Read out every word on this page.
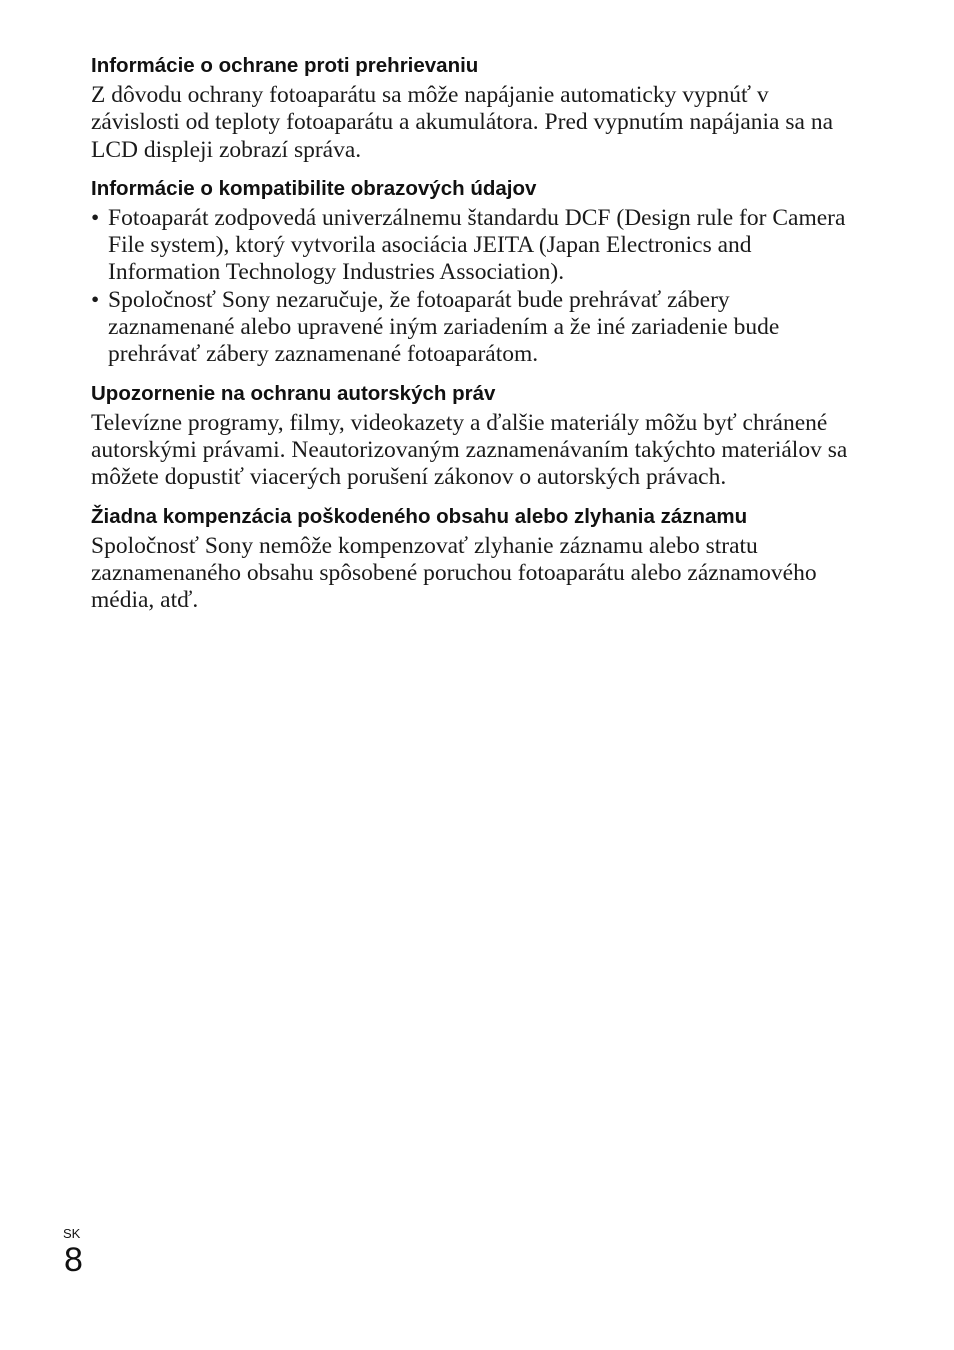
Informácie o ochrane proti prehrievaniu

Z dôvodu ochrany fotoaparátu sa môže napájanie automaticky vypnúť v závislosti od teploty fotoaparátu a akumulátora. Pred vypnutím napájania sa na LCD displeji zobrazí správa.

Informácie o kompatibilite obrazových údajov
• Fotoaparát zodpovedá univerzálnemu štandardu DCF (Design rule for Camera File system), ktorý vytvorila asociácia JEITA (Japan Electronics and Information Technology Industries Association).
• Spoločnosť Sony nezaručuje, že fotoaparát bude prehrávať zábery zaznamenané alebo upravené iným zariadením a že iné zariadenie bude prehrávať zábery zaznamenané fotoaparátom.
Upozornenie na ochranu autorských práv

Televízne programy, filmy, videokazety a ďalšie materiály môžu byť chránené autorskými právami. Neautorizovaným zaznamenávaním takýchto materiálov sa môžete dopustiť viacerých porušení zákonov o autorských právach.

Žiadna kompenzácia poškodeného obsahu alebo zlyhania záznamu

Spoločnosť Sony nemôže kompenzovať zlyhanie záznamu alebo stratu zaznamenaného obsahu spôsobené poruchou fotoaparátu alebo záznamového média, atď.

SK
8
